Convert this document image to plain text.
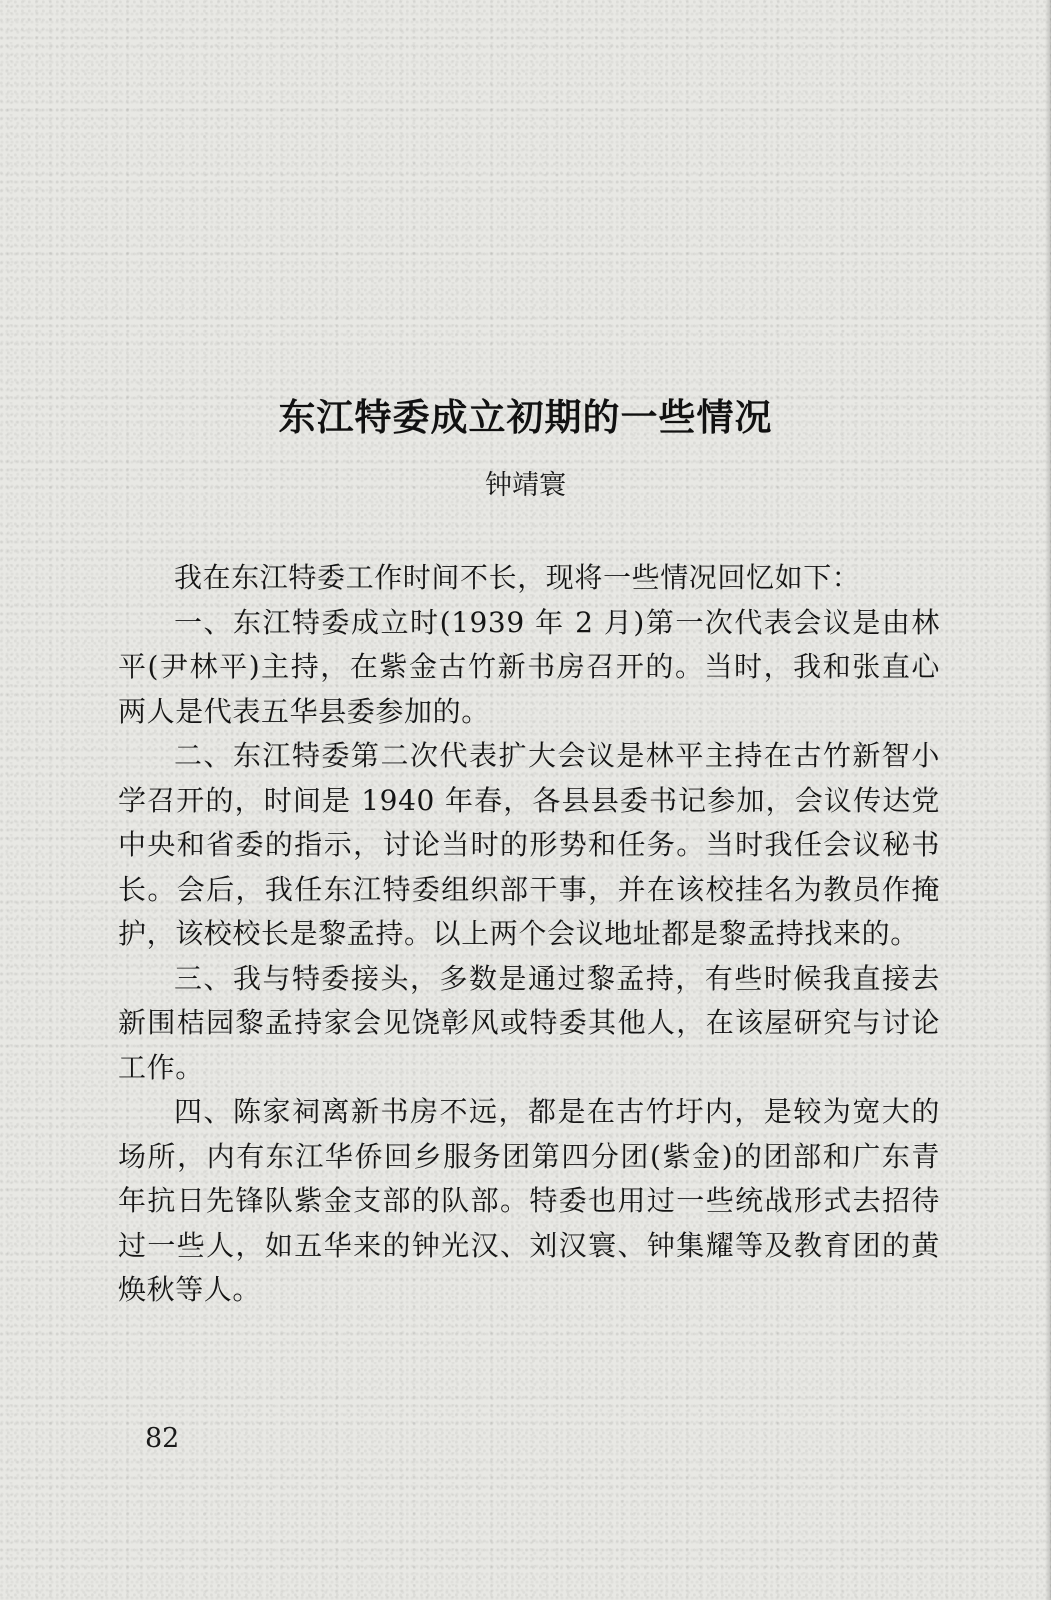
东江特委成立初期的一些情况
钟靖寰

我在东江特委工作时间不长，现将一些情况回忆如下：

一、东江特委成立时(1939 年 2 月)第一次代表会议是由林平(尹林平)主持，在紫金古竹新书房召开的。当时，我和张直心两人是代表五华县委参加的。

二、东江特委第二次代表扩大会议是林平主持在古竹新智小学召开的，时间是 1940 年春，各县县委书记参加，会议传达党中央和省委的指示，讨论当时的形势和任务。当时我任会议秘书长。会后，我任东江特委组织部干事，并在该校挂名为教员作掩护，该校校长是黎孟持。以上两个会议地址都是黎孟持找来的。

三、我与特委接头，多数是通过黎孟持，有些时候我直接去新围桔园黎孟持家会见饶彰风或特委其他人，在该屋研究与讨论工作。

四、陈家祠离新书房不远，都是在古竹圩内，是较为宽大的场所，内有东江华侨回乡服务团第四分团(紫金)的团部和广东青年抗日先锋队紫金支部的队部。特委也用过一些统战形式去招待过一些人，如五华来的钟光汉、刘汉寰、钟集耀等及教育团的黄焕秋等人。

82
